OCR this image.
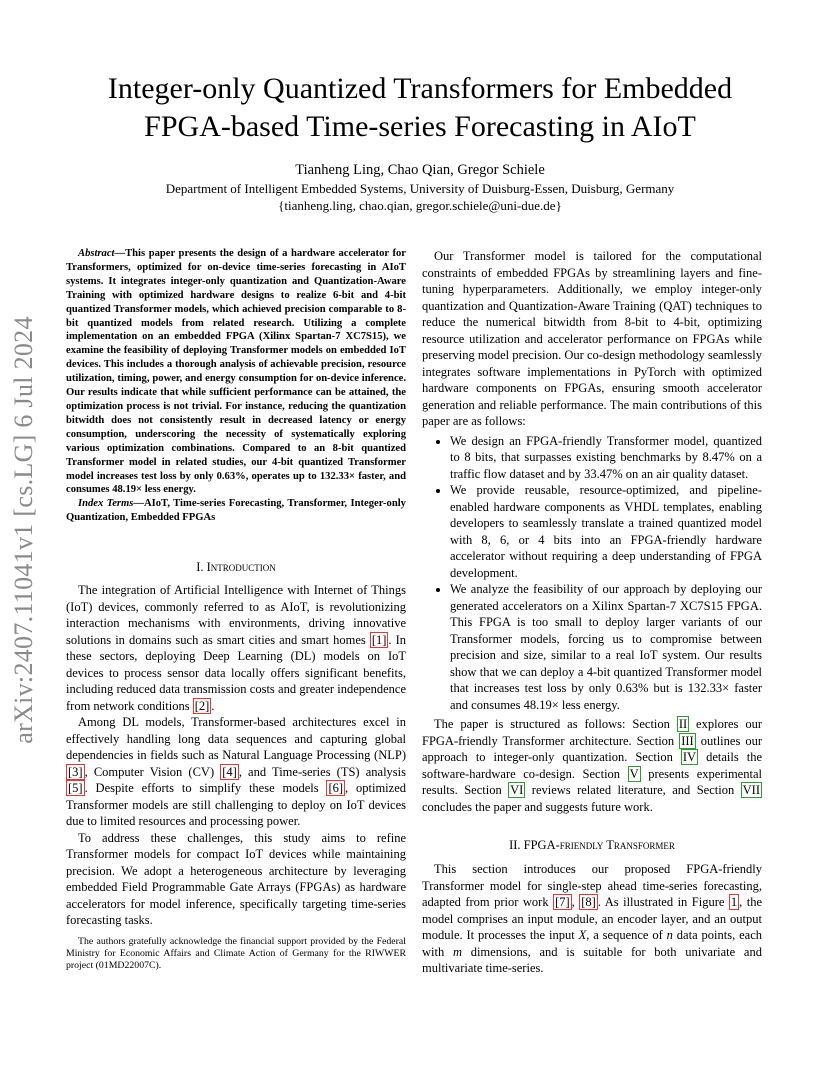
arXiv:2407.11041v1 [cs.LG] 6 Jul 2024
Integer-only Quantized Transformers for Embedded
FPGA-based Time-series Forecasting in AIoT
Tianheng Ling, Chao Qian, Gregor Schiele
Department of Intelligent Embedded Systems, University of Duisburg-Essen, Duisburg, Germany
{tianheng.ling, chao.qian, gregor.schiele@uni-due.de}

Abstract—This paper presents the design of a hardware accelerator for Transformers, optimized for on-device time-series forecasting in AIoT systems. It integrates integer-only quantization and Quantization-Aware Training with optimized hardware designs to realize 6-bit and 4-bit quantized Transformer models, which achieved precision comparable to 8-bit quantized models from related research. Utilizing a complete implementation on an embedded FPGA (Xilinx Spartan-7 XC7S15), we examine the feasibility of deploying Transformer models on embedded IoT devices. This includes a thorough analysis of achievable precision, resource utilization, timing, power, and energy consumption for on-device inference. Our results indicate that while sufficient performance can be attained, the optimization process is not trivial. For instance, reducing the quantization bitwidth does not consistently result in decreased latency or energy consumption, underscoring the necessity of systematically exploring various optimization combinations. Compared to an 8-bit quantized Transformer model in related studies, our 4-bit quantized Transformer model increases test loss by only 0.63%, operates up to 132.33× faster, and consumes 48.19× less energy.

Index Terms—AIoT, Time-series Forecasting, Transformer, Integer-only Quantization, Embedded FPGAs

I. Introduction

The integration of Artificial Intelligence with Internet of Things (IoT) devices, commonly referred to as AIoT, is revolutionizing interaction mechanisms with environments, driving innovative solutions in domains such as smart cities and smart homes [1] . In these sectors, deploying Deep Learning (DL) models on IoT devices to process sensor data locally offers significant benefits, including reduced data transmission costs and greater independence from network conditions [2] .

Among DL models, Transformer-based architectures excel in effectively handling long data sequences and capturing global dependencies in fields such as Natural Language Processing (NLP) [3] , Computer Vision (CV) [4] , and Time-series (TS) analysis [5] . Despite efforts to simplify these models [6] , optimized Transformer models are still challenging to deploy on IoT devices due to limited resources and processing power.

To address these challenges, this study aims to refine Transformer models for compact IoT devices while maintaining precision. We adopt a heterogeneous architecture by leveraging embedded Field Programmable Gate Arrays (FPGAs) as hardware accelerators for model inference, specifically targeting time-series forecasting tasks.

The authors gratefully acknowledge the financial support provided by the Federal Ministry for Economic Affairs and Climate Action of Germany for the RIWWER project (01MD22007C).

Our Transformer model is tailored for the computational constraints of embedded FPGAs by streamlining layers and fine-tuning hyperparameters. Additionally, we employ integer-only quantization and Quantization-Aware Training (QAT) techniques to reduce the numerical bitwidth from 8-bit to 4-bit, optimizing resource utilization and accelerator performance on FPGAs while preserving model precision. Our co-design methodology seamlessly integrates software implementations in PyTorch with optimized hardware components on FPGAs, ensuring smooth accelerator generation and reliable performance. The main contributions of this paper are as follows:

• We design an FPGA-friendly Transformer model, quantized to 8 bits, that surpasses existing benchmarks by 8.47% on a traffic flow dataset and by 33.47% on an air quality dataset.
• We provide reusable, resource-optimized, and pipeline-enabled hardware components as VHDL templates, enabling developers to seamlessly translate a trained quantized model with 8, 6, or 4 bits into an FPGA-friendly hardware accelerator without requiring a deep understanding of FPGA development.
• We analyze the feasibility of our approach by deploying our generated accelerators on a Xilinx Spartan-7 XC7S15 FPGA. This FPGA is too small to deploy larger variants of our Transformer models, forcing us to compromise between precision and size, similar to a real IoT system. Our results show that we can deploy a 4-bit quantized Transformer model that increases test loss by only 0.63% but is 132.33× faster and consumes 48.19× less energy.

The paper is structured as follows: Section II explores our FPGA-friendly Transformer architecture. Section III outlines our approach to integer-only quantization. Section IV details the software-hardware co-design. Section V presents experimental results. Section VI reviews related literature, and Section VII concludes the paper and suggests future work.

II. FPGA-friendly Transformer

This section introduces our proposed FPGA-friendly Transformer model for single-step ahead time-series forecasting, adapted from prior work [7] , [8] . As illustrated in Figure 1 , the model comprises an input module, an encoder layer, and an output module. It processes the input X, a sequence of n data points, each with m dimensions, and is suitable for both univariate and multivariate time-series.
